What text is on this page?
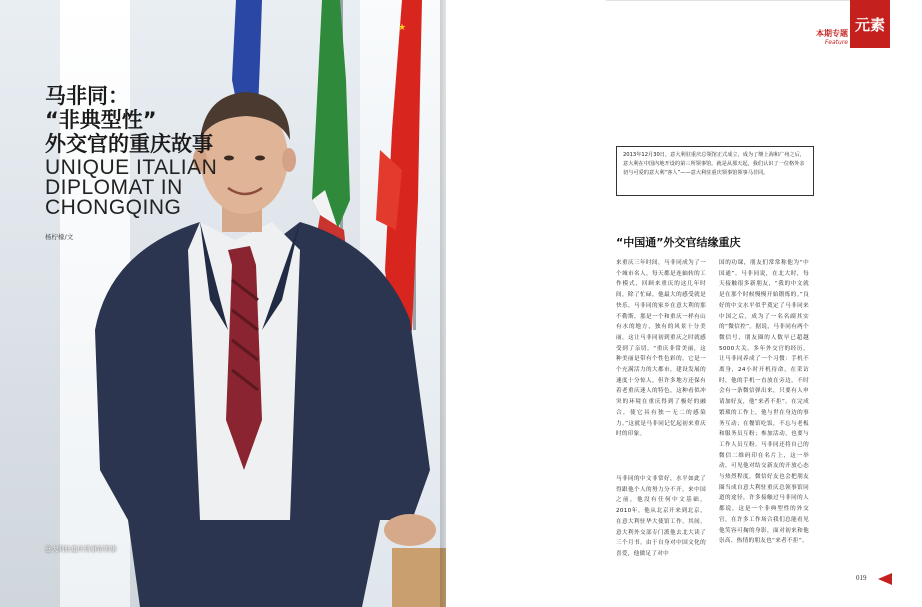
★
马非同：
“非典型性”
外交官的重庆故事
UNIQUE ITALIAN
DIPLOMAT IN
CHONGQING
杨柠檬/文
意大利驻重庆领事馆领事
本期专题
Feature
元素
2013年12月30日，意大利驻重庆总领馆正式成立，成为了继上海和广州之后，意大利在中国内地开设的第三所领事馆。就是从那天起，我们认识了一位格外亲切与可爱的意大利“客人”——意大利驻重庆领事馆领事马非同。
“中国通”外交官结缘重庆
来重庆三年时间，马非同成为了一个城市名人，每天都是连轴转的工作模式，回顾来重庆的这几年时间，除了忙碌，他最大的感受就是快乐。马非同的家乡在意大利的那不勒斯，那是一个和重庆一样有山有水的地方，独有的风景十分美丽，这让马非同初到重庆之时就感受到了亲切。“重庆非常美丽，这种美丽是带有个性色彩的，它是一个充满活力的大都市，建设发展的速度十分惊人，但许多地方还保有着老重庆迷人的特色，这种看似冲突的环境在重庆得到了极好的融合，使它具有独一无二的感染力。”这就是马非同记忆起初来重庆时的印象。
马非同的中文非常好，水平如此了得跟他个人的努力分不开。来中国之前，他没有任何中文基础，2010年，他从北京开来到北京，在意大利驻华大使馆工作。其间，意大利外交部专门派他去北大读了三个月书。由于自身对中国文化的喜爱，他做足了对中
国的功课，朋友们常常称他为“中国通”。马非同说，在北大时，每天接触很多新朋友，“我的中文就是在那个时候慢慢开始锻炼的。”良好的中文水平似乎奠定了马非同来中国之后，成为了一名名副其实的“微信控”。据说，马非同有两个微信号，朋友圈的人数早已超越5000大关。多年外交官的经历，让马非同养成了一个习惯：手机不离身，24小时开机待命，在采访时，他的手机一直放在旁边，不时会有一条微信弹出来，只要有人申请加好友，他“来者不拒”。在完成繁琐的工作上，他与世在身边的事务互动；在餐馆吃饭，不忘与老板和服务员互粉；参加活动，也要与工作人员互粉。马非同还将自己的微信二维码印在名片上，这一举动，可见他对结交新友的开放心态与热烈程度。微信好友也会把朋友圈当成自意大利驻重庆总领事馆同道的途径，许多接触过马非同的人都说，这是一个非典型性的外交官，在许多工作场合我们总能看见他笑容可掬的身影，面对初来和他崇高、热情的朋友也“来者不拒”。
019
